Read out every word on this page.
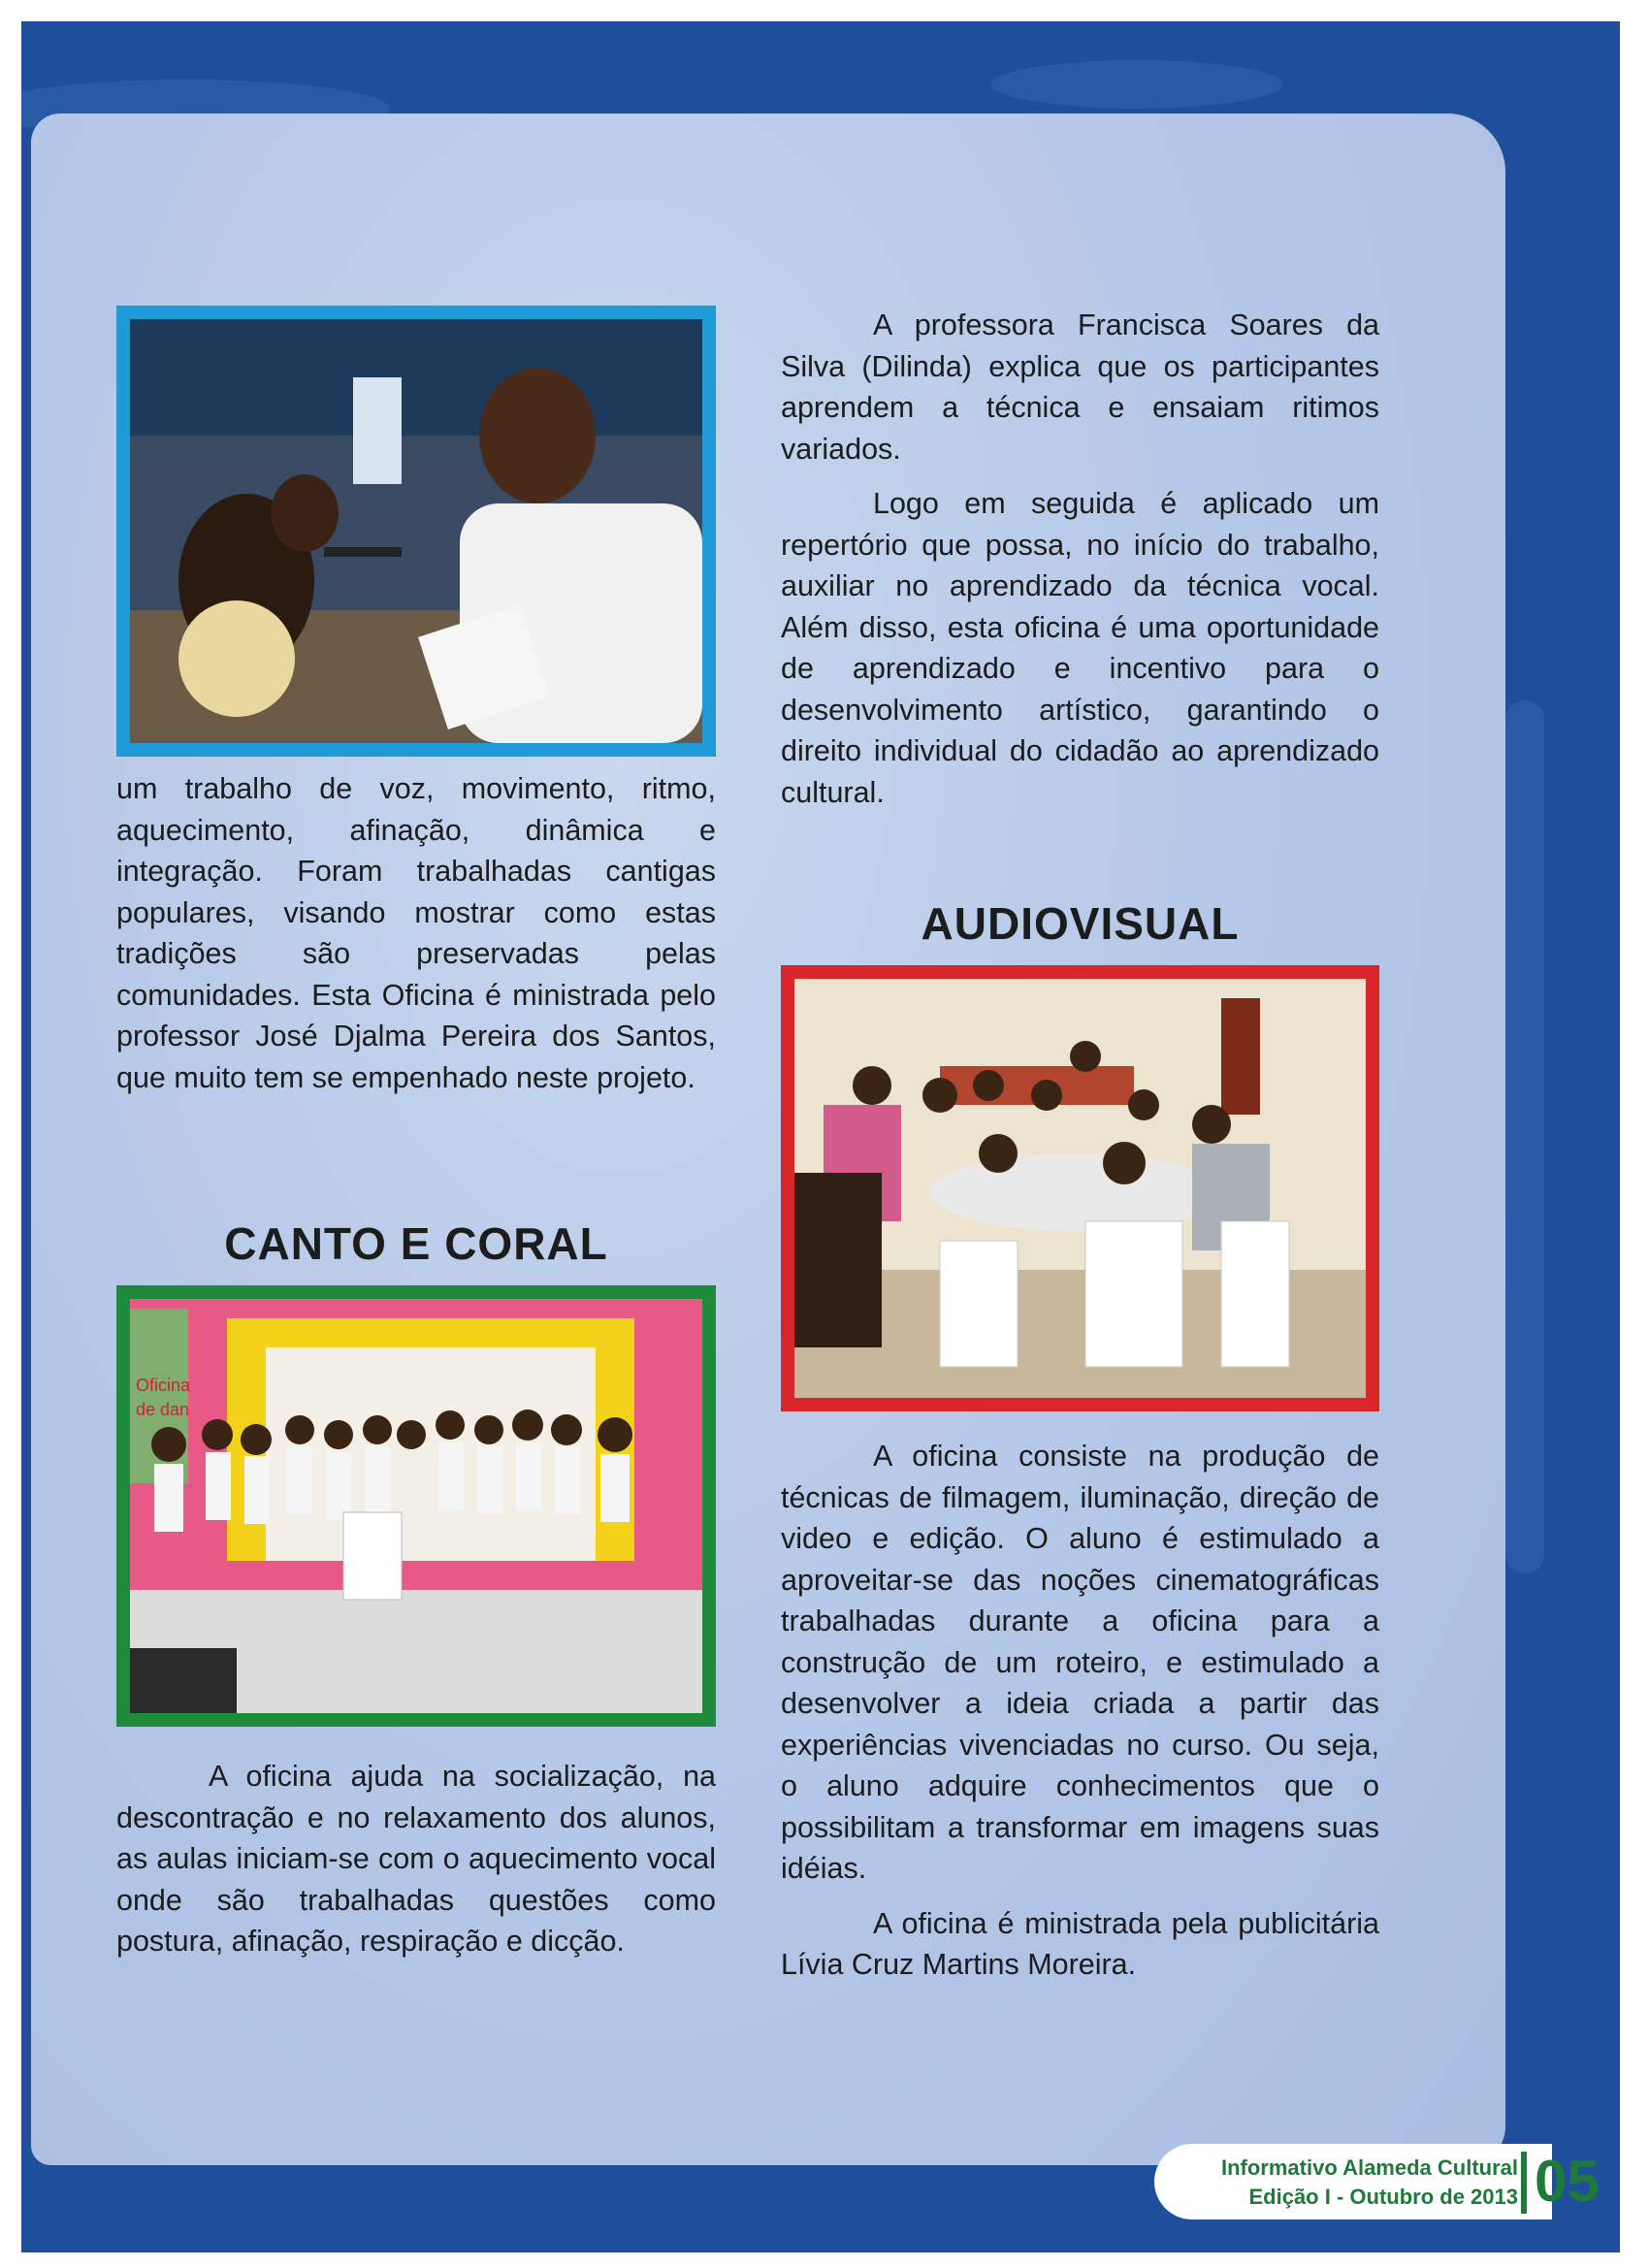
um trabalho de voz, movimento, ritmo, aquecimento, afinação, dinâmica e integração. Foram trabalhadas cantigas populares, visando mostrar como estas tradições são preservadas pelas comunidades. Esta Oficina é ministrada pelo professor José Djalma Pereira dos Santos, que muito tem se empenhado neste projeto.

CANTO E CORAL
Oficina
de dan

A oficina ajuda na socialização, na descontração e no relaxamento dos alunos, as aulas iniciam-se com o aquecimento vocal onde são trabalhadas questões como postura, afinação, respiração e dicção.

A professora Francisca Soares da Silva (Dilinda) explica que os participantes aprendem a técnica e ensaiam ritimos variados.

Logo em seguida é aplicado um repertório que possa, no início do trabalho, auxiliar no aprendizado da técnica vocal. Além disso, esta oficina é uma oportunidade de aprendizado e incentivo para o desenvolvimento artístico, garantindo o direito individual do cidadão ao aprendizado cultural.

AUDIOVISUAL

A oficina consiste na produção de técnicas de filmagem, iluminação, direção de video e edição. O aluno é estimulado a aproveitar-se das noções cinematográficas trabalhadas durante a oficina para a construção de um roteiro, e estimulado a desenvolver a ideia criada a partir das experiências vivenciadas no curso. Ou seja, o aluno adquire conhecimentos que o possibilitam a transformar em imagens suas idéias.

A oficina é ministrada pela publicitária Lívia Cruz Martins Moreira.

Informativo Alameda Cultural
Edição I - Outubro de 2013 05
